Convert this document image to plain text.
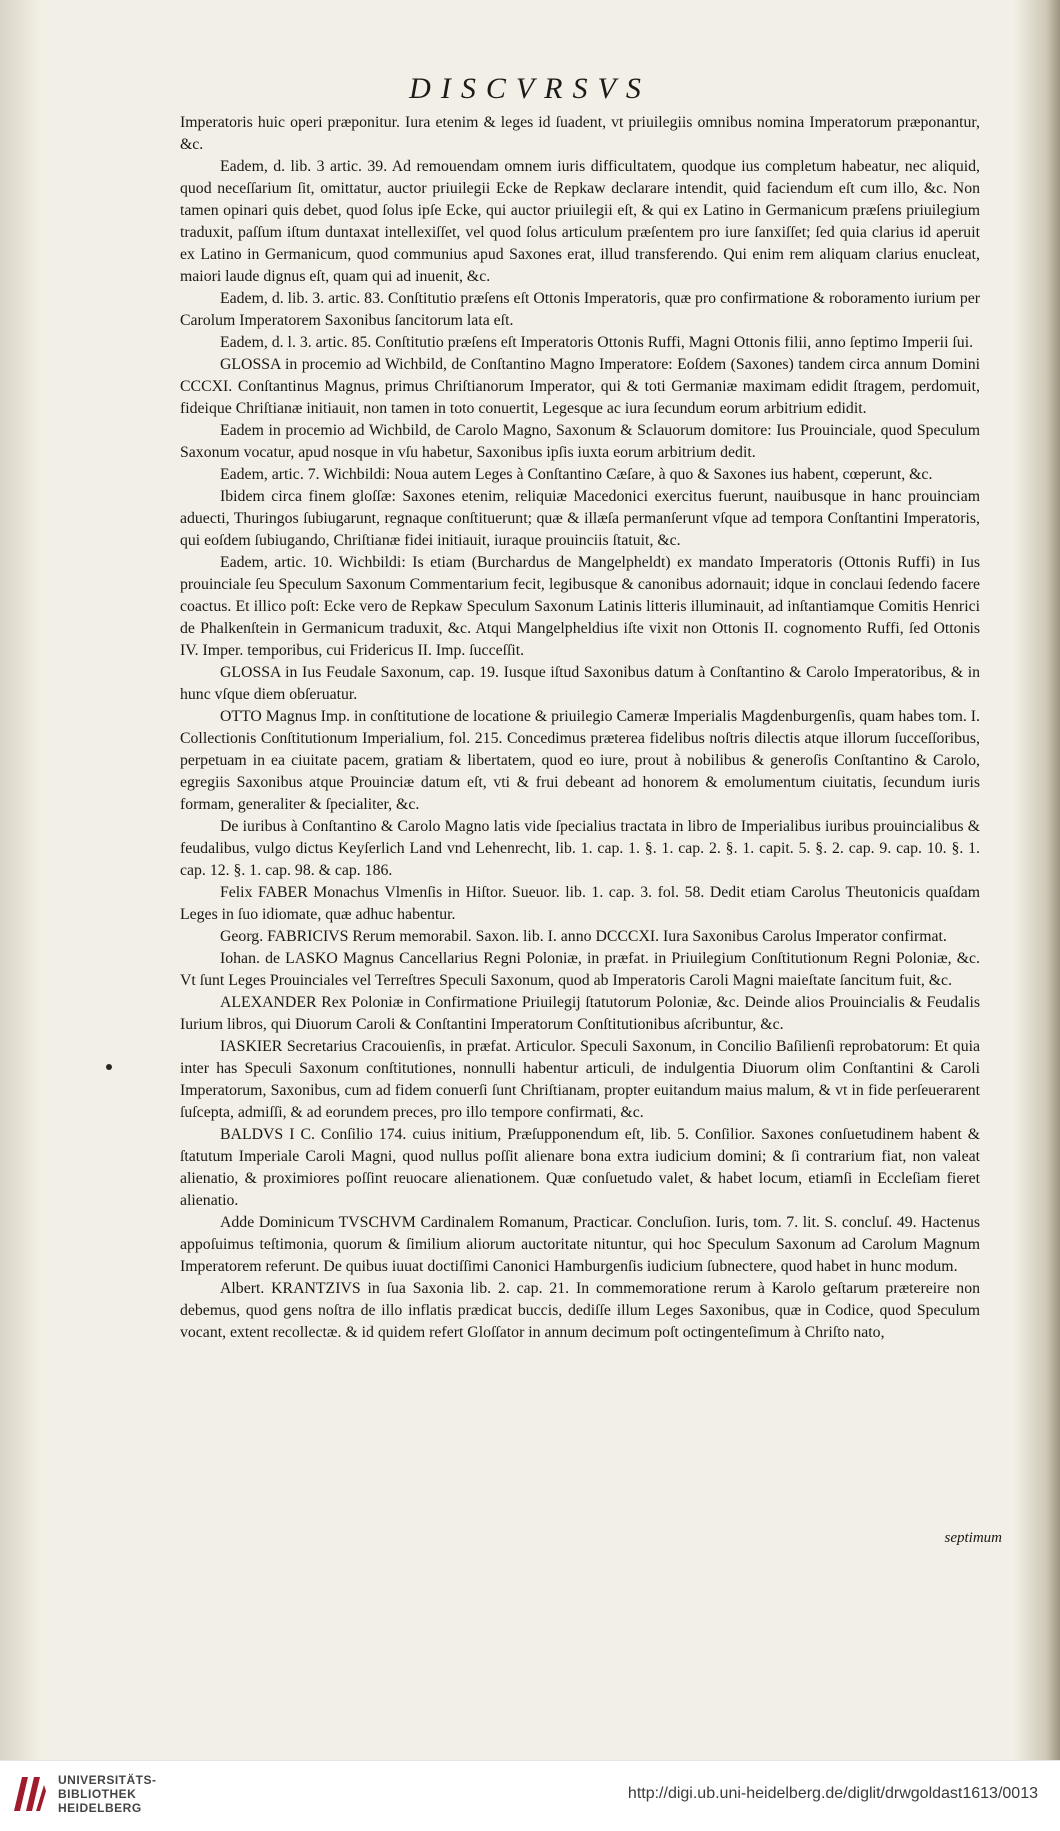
DISCVRSVS

Imperatoris huic operi præponitur. Iura etenim & leges id ſuadent, vt priuilegiis omnibus nomina Imperatorum præponantur, &c.

Eadem, d. lib. 3 artic. 39. Ad remouendam omnem iuris difficultatem, quodque ius completum habeatur, nec aliquid, quod neceſſarium ſit, omittatur, auctor priuilegii Ecke de Repkaw declarare intendit, quid faciendum eſt cum illo, &c. Non tamen opinari quis debet, quod ſolus ipſe Ecke, qui auctor priuilegii eſt, & qui ex Latino in Germanicum præſens priuilegium traduxit, paſſum iſtum duntaxat intellexiſſet, vel quod ſolus articulum præſentem pro iure ſanxiſſet; ſed quia clarius id aperuit ex Latino in Germanicum, quod communius apud Saxones erat, illud transferendo. Qui enim rem aliquam clarius enucleat, maiori laude dignus eſt, quam qui ad inuenit, &c.

Eadem, d. lib. 3. artic. 83. Conſtitutio præſens eſt Ottonis Imperatoris, quæ pro confirmatione & roboramento iurium per Carolum Imperatorem Saxonibus ſancitorum lata eſt.

Eadem, d. l. 3. artic. 85. Conſtitutio præſens eſt Imperatoris Ottonis Ruffi, Magni Ottonis filii, anno ſeptimo Imperii ſui.

GLOSSA in procemio ad Wichbild, de Conſtantino Magno Imperatore: Eoſdem (Saxones) tandem circa annum Domini CCCXI. Conſtantinus Magnus, primus Chriſtianorum Imperator, qui & toti Germaniæ maximam edidit ſtragem, perdomuit, fideique Chriſtianæ initiauit, non tamen in toto conuertit, Legesque ac iura ſecundum eorum arbitrium edidit.

Eadem in procemio ad Wichbild, de Carolo Magno, Saxonum & Sclauorum domitore: Ius Prouinciale, quod Speculum Saxonum vocatur, apud nosque in vſu habetur, Saxonibus ipſis iuxta eorum arbitrium dedit.

Eadem, artic. 7. Wichbildi: Noua autem Leges à Conſtantino Cæſare, à quo & Saxones ius habent, cœperunt, &c.

Ibidem circa finem gloſſæ: Saxones etenim, reliquiæ Macedonici exercitus fuerunt, nauibusque in hanc prouinciam aduecti, Thuringos ſubiugarunt, regnaque conſtituerunt; quæ & illæſa permanſerunt vſque ad tempora Conſtantini Imperatoris, qui eoſdem ſubiugando, Chriſtianæ fidei initiauit, iuraque prouinciis ſtatuit, &c.

Eadem, artic. 10. Wichbildi: Is etiam (Burchardus de Mangelpheldt) ex mandato Imperatoris (Ottonis Ruffi) in Ius prouinciale ſeu Speculum Saxonum Commentarium fecit, legibusque & canonibus adornauit; idque in conclaui ſedendo facere coactus. Et illico poſt: Ecke vero de Repkaw Speculum Saxonum Latinis litteris illuminauit, ad inſtantiamque Comitis Henrici de Phalkenſtein in Germanicum traduxit, &c. Atqui Mangelpheldius iſte vixit non Ottonis II. cognomento Ruffi, ſed Ottonis IV. Imper. temporibus, cui Fridericus II. Imp. ſucceſſit.

GLOSSA in Ius Feudale Saxonum, cap. 19. Iusque iſtud Saxonibus datum à Conſtantino & Carolo Imperatoribus, & in hunc vſque diem obſeruatur.

OTTO Magnus Imp. in conſtitutione de locatione & priuilegio Cameræ Imperialis Magdenburgenſis, quam habes tom. I. Collectionis Conſtitutionum Imperialium, fol. 215. Concedimus præterea fidelibus noſtris dilectis atque illorum ſucceſſoribus, perpetuam in ea ciuitate pacem, gratiam & libertatem, quod eo iure, prout à nobilibus & generoſis Conſtantino & Carolo, egregiis Saxonibus atque Prouinciæ datum eſt, vti & frui debeant ad honorem & emolumentum ciuitatis, ſecundum iuris formam, generaliter & ſpecialiter, &c.

De iuribus à Conſtantino & Carolo Magno latis vide ſpecialius tractata in libro de Imperialibus iuribus prouincialibus & feudalibus, vulgo dictus Keyſerlich Land vnd Lehenrecht, lib. 1. cap. 1. §. 1. cap. 2. §. 1. capit. 5. §. 2. cap. 9. cap. 10. §. 1. cap. 12. §. 1. cap. 98. & cap. 186.

Felix FABER Monachus Vlmenſis in Hiſtor. Sueuor. lib. 1. cap. 3. fol. 58. Dedit etiam Carolus Theutonicis quaſdam Leges in ſuo idiomate, quæ adhuc habentur.

Georg. FABRICIVS Rerum memorabil. Saxon. lib. I. anno DCCCXI. Iura Saxonibus Carolus Imperator confirmat.

Iohan. de LASKO Magnus Cancellarius Regni Poloniæ, in præfat. in Priuilegium Conſtitutionum Regni Poloniæ, &c. Vt ſunt Leges Prouinciales vel Terreſtres Speculi Saxonum, quod ab Imperatoris Caroli Magni maieſtate ſancitum fuit, &c.

ALEXANDER Rex Poloniæ in Confirmatione Priuilegij ſtatutorum Poloniæ, &c. Deinde alios Prouincialis & Feudalis Iurium libros, qui Diuorum Caroli & Conſtantini Imperatorum Conſtitutionibus aſcribuntur, &c.

IASKIER Secretarius Cracouienſis, in præfat. Articulor. Speculi Saxonum, in Concilio Baſilienſi reprobatorum: Et quia inter has Speculi Saxonum conſtitutiones, nonnulli habentur articuli, de indulgentia Diuorum olim Conſtantini & Caroli Imperatorum, Saxonibus, cum ad fidem conuerſi ſunt Chriſtianam, propter euitandum maius malum, & vt in fide perſeuerarent ſuſcepta, admiſſi, & ad eorundem preces, pro illo tempore confirmati, &c.

BALDVS I C. Conſilio 174. cuius initium, Præſupponendum eſt, lib. 5. Conſilior. Saxones conſuetudinem habent & ſtatutum Imperiale Caroli Magni, quod nullus poſſit alienare bona extra iudicium domini; & ſi contrarium fiat, non valeat alienatio, & proximiores poſſint reuocare alienationem. Quæ conſuetudo valet, & habet locum, etiamſi in Eccleſiam fieret alienatio.

Adde Dominicum TVSCHVM Cardinalem Romanum, Practicar. Concluſion. Iuris, tom. 7. lit. S. concluſ. 49. Hactenus appoſuimus teſtimonia, quorum & ſimilium aliorum auctoritate nituntur, qui hoc Speculum Saxonum ad Carolum Magnum Imperatorem referunt. De quibus iuuat doctiſſimi Canonici Hamburgenſis iudicium ſubnectere, quod habet in hunc modum.

Albert. KRANTZIVS in ſua Saxonia lib. 2. cap. 21. In commemoratione rerum à Karolo geſtarum prætereire non debemus, quod gens noſtra de illo inflatis prædicat buccis, dediſſe illum Leges Saxonibus, quæ in Codice, quod Speculum vocant, extent recollectæ. & id quidem refert Gloſſator in annum decimum poſt octingenteſimum à Chriſto nato,

septimum
UNIVERSITÄTS-
BIBLIOTHEK
HEIDELBERG
http://digi.ub.uni-heidelberg.de/diglit/drwgoldast1613/0013
